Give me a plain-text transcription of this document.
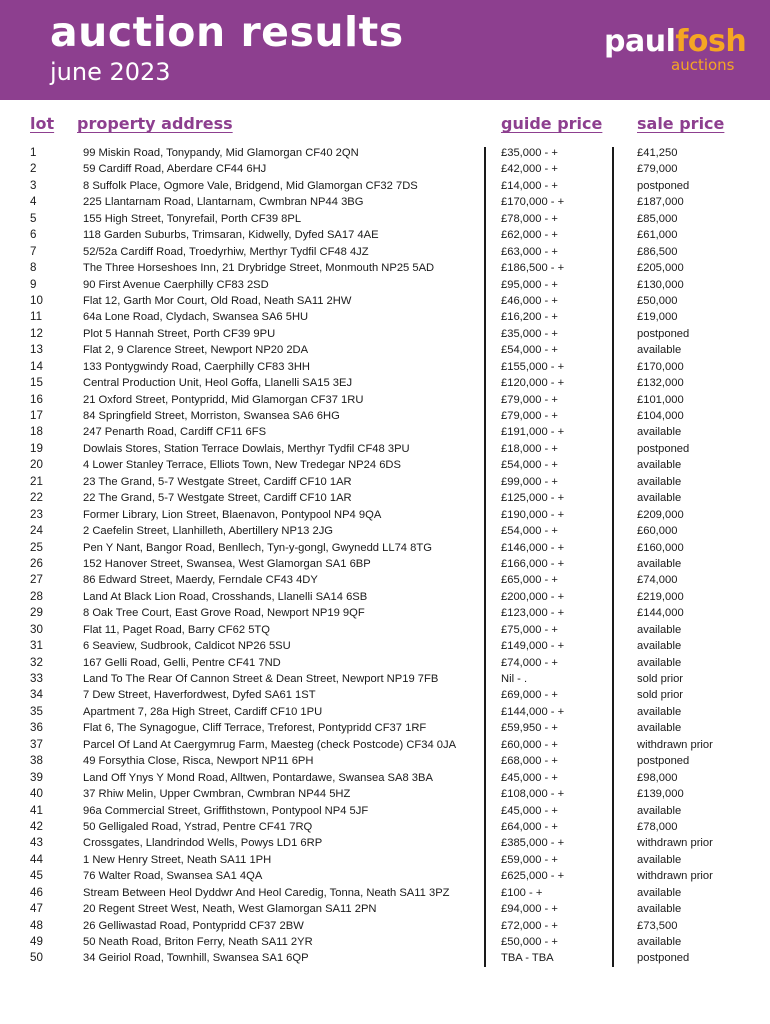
auction results
june 2023
paulfosh
auctions
lot property address	guide price sale price
1	99 Miskin Road, Tonypandy, Mid Glamorgan CF40 2QN	£35,000 - +	£41,250
2	59 Cardiff Road, Aberdare CF44 6HJ	£42,000 - +	£79,000
3	8 Suffolk Place, Ogmore Vale, Bridgend, Mid Glamorgan CF32 7DS	£14,000 - +	postponed
4	225 Llantarnam Road, Llantarnam, Cwmbran NP44 3BG	£170,000 - +	£187,000
5	155 High Street, Tonyrefail, Porth CF39 8PL	£78,000 - +	£85,000
6	118 Garden Suburbs, Trimsaran, Kidwelly, Dyfed SA17 4AE	£62,000 - +	£61,000
7	52/52a Cardiff Road, Troedyrhiw, Merthyr Tydfil CF48 4JZ	£63,000 - +	£86,500
8	The Three Horseshoes Inn, 21 Drybridge Street, Monmouth NP25 5AD	£186,500 - +	£205,000
9	90 First Avenue Caerphilly CF83 2SD	£95,000 - +	£130,000
10	Flat 12, Garth Mor Court, Old Road, Neath SA11 2HW	£46,000 - +	£50,000
11	64a Lone Road, Clydach, Swansea SA6 5HU	£16,200 - +	£19,000
12	Plot 5 Hannah Street, Porth CF39 9PU	£35,000 - +	postponed
13	Flat 2, 9 Clarence Street, Newport NP20 2DA	£54,000 - +	available
14	133 Pontygwindy Road, Caerphilly CF83 3HH	£155,000 - +	£170,000
15	Central Production Unit, Heol Goffa, Llanelli SA15 3EJ	£120,000 - +	£132,000
16	21 Oxford Street, Pontypridd, Mid Glamorgan CF37 1RU	£79,000 - +	£101,000
17	84 Springfield Street, Morriston, Swansea SA6 6HG	£79,000 - +	£104,000
18	247 Penarth Road, Cardiff CF11 6FS	£191,000 - +	available
19	Dowlais Stores, Station Terrace Dowlais, Merthyr Tydfil CF48 3PU	£18,000 - +	postponed
20	4 Lower Stanley Terrace, Elliots Town, New Tredegar NP24 6DS	£54,000 - +	available
21	23 The Grand, 5-7 Westgate Street, Cardiff CF10 1AR	£99,000 - +	available
22	22 The Grand, 5-7 Westgate Street, Cardiff CF10 1AR	£125,000 - +	available
23	Former Library, Lion Street, Blaenavon, Pontypool NP4 9QA	£190,000 - +	£209,000
24	2 Caefelin Street, Llanhilleth, Abertillery NP13 2JG	£54,000 - +	£60,000
25	Pen Y Nant, Bangor Road, Benllech, Tyn-y-gongl, Gwynedd LL74 8TG	£146,000 - +	£160,000
26	152 Hanover Street, Swansea, West Glamorgan SA1 6BP	£166,000 - +	available
27	86 Edward Street, Maerdy, Ferndale CF43 4DY	£65,000 - +	£74,000
28	Land At Black Lion Road, Crosshands, Llanelli SA14 6SB	£200,000 - +	£219,000
29	8 Oak Tree Court, East Grove Road, Newport NP19 9QF	£123,000 - +	£144,000
30	Flat 11, Paget Road, Barry CF62 5TQ	£75,000 - +	available
31	6 Seaview, Sudbrook, Caldicot NP26 5SU	£149,000 - +	available
32	167 Gelli Road, Gelli, Pentre CF41 7ND	£74,000 - +	available
33	Land To The Rear Of Cannon Street & Dean Street, Newport NP19 7FB	Nil - .	sold prior
34	7 Dew Street, Haverfordwest, Dyfed SA61 1ST	£69,000 - +	sold prior
35	Apartment 7, 28a High Street, Cardiff CF10 1PU	£144,000 - +	available
36	Flat 6, The Synagogue, Cliff Terrace, Treforest, Pontypridd CF37 1RF	£59,950 - +	available
37	Parcel Of Land At Caergymrug Farm, Maesteg (check Postcode) CF34 0JA	£60,000 - +	withdrawn prior
38	49 Forsythia Close, Risca, Newport NP11 6PH	£68,000 - +	postponed
39	Land Off Ynys Y Mond Road, Alltwen, Pontardawe, Swansea SA8 3BA	£45,000 - +	£98,000
40	37 Rhiw Melin, Upper Cwmbran, Cwmbran NP44 5HZ	£108,000 - +	£139,000
41	96a Commercial Street, Griffithstown, Pontypool NP4 5JF	£45,000 - +	available
42	50 Gelligaled Road, Ystrad, Pentre CF41 7RQ	£64,000 - +	£78,000
43	Crossgates, Llandrindod Wells, Powys LD1 6RP	£385,000 - +	withdrawn prior
44	1 New Henry Street, Neath SA11 1PH	£59,000 - +	available
45	76 Walter Road, Swansea SA1 4QA	£625,000 - +	withdrawn prior
46	Stream Between Heol Dyddwr And Heol Caredig, Tonna, Neath SA11 3PZ	£100 - +	available
47	20 Regent Street West, Neath, West Glamorgan SA11 2PN	£94,000 - +	available
48	26 Gelliwastad Road, Pontypridd CF37 2BW	£72,000 - +	£73,500
49	50 Neath Road, Briton Ferry, Neath SA11 2YR	£50,000 - +	available
50	34 Geiriol Road, Townhill, Swansea SA1 6QP	TBA - TBA	postponed
